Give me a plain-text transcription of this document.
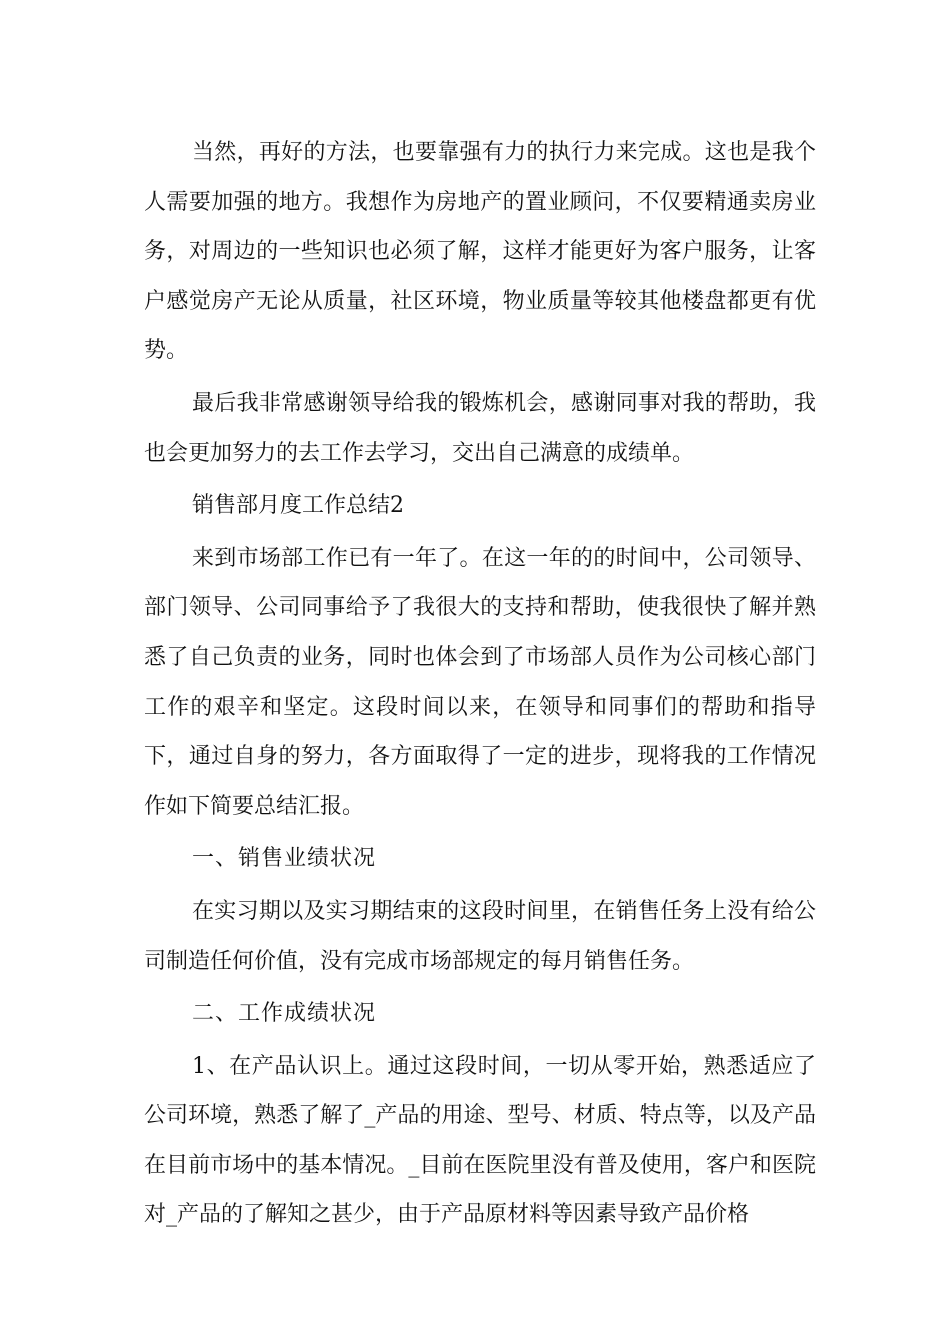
当然，再好的方法，也要靠强有力的执行力来完成。这也是我个人需要加强的地方。我想作为房地产的置业顾问，不仅要精通卖房业务，对周边的一些知识也必须了解，这样才能更好为客户服务，让客户感觉房产无论从质量，社区环境，物业质量等较其他楼盘都更有优势。

最后我非常感谢领导给我的锻炼机会，感谢同事对我的帮助，我也会更加努力的去工作去学习，交出自己满意的成绩单。

销售部月度工作总结2

来到市场部工作已有一年了。在这一年的的时间中，公司领导、部门领导、公司同事给予了我很大的支持和帮助，使我很快了解并熟悉了自己负责的业务，同时也体会到了市场部人员作为公司核心部门工作的艰辛和坚定。这段时间以来，在领导和同事们的帮助和指导下，通过自身的努力，各方面取得了一定的进步，现将我的工作情况作如下简要总结汇报。

一、销售业绩状况

在实习期以及实习期结束的这段时间里，在销售任务上没有给公司制造任何价值，没有完成市场部规定的每月销售任务。

二、工作成绩状况

1、在产品认识上。通过这段时间，一切从零开始，熟悉适应了公司环境，熟悉了解了_产品的用途、型号、材质、特点等，以及产品在目前市场中的基本情况。_目前在医院里没有普及使用，客户和医院对_产品的了解知之甚少，由于产品原材料等因素导致产品价格
